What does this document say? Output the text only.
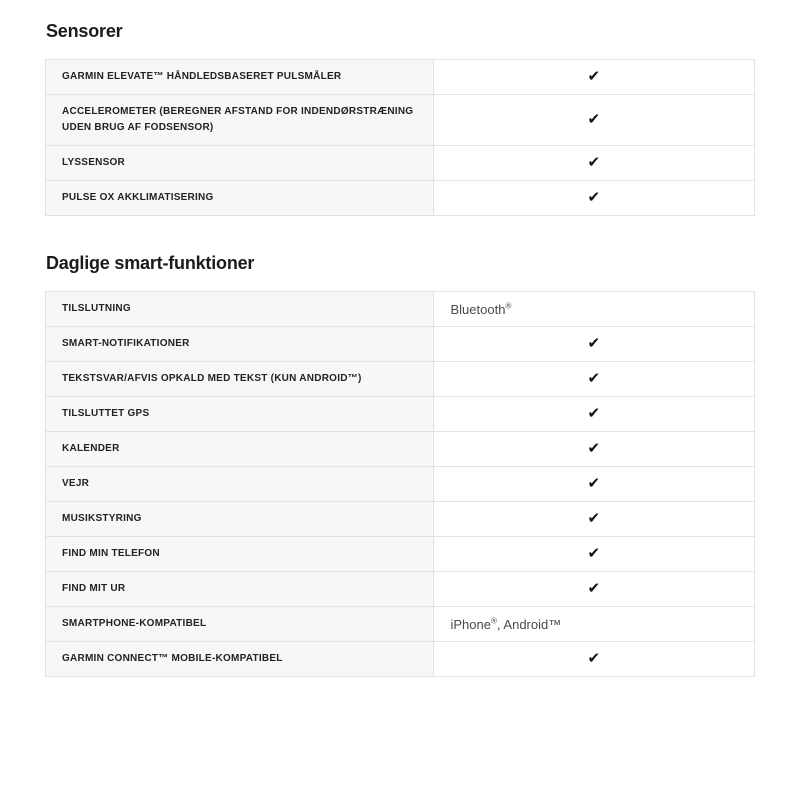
Sensorer
GARMIN ELEVATE™ HÅNDLEDSBASERET PULSMÅLER	✔
ACCELEROMETER (BEREGNER AFSTAND FOR INDENDØRSTRÆNING UDEN BRUG AF FODSENSOR)	✔
LYSSENSOR	✔
PULSE OX AKKLIMATISERING	✔
Daglige smart-funktioner
TILSLUTNING	Bluetooth®
SMART-NOTIFIKATIONER	✔
TEKSTSVAR/AFVIS OPKALD MED TEKST (KUN ANDROID™)	✔
TILSLUTTET GPS	✔
KALENDER	✔
VEJR	✔
MUSIKSTYRING	✔
FIND MIN TELEFON	✔
FIND MIT UR	✔
SMARTPHONE-KOMPATIBEL	iPhone®, Android™
GARMIN CONNECT™ MOBILE-KOMPATIBEL	✔
